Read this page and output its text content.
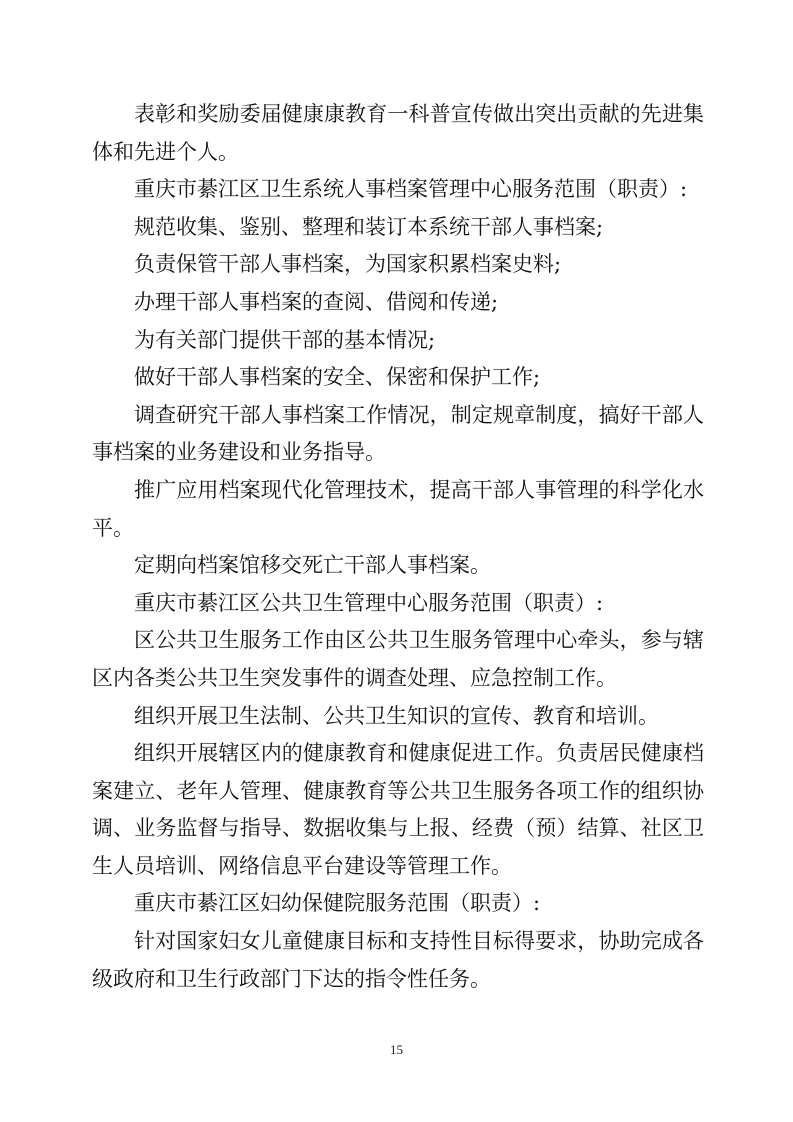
表彰和奖励委届健康康教育一科普宣传做出突出贡献的先进集体和先进个人。

重庆市綦江区卫生系统人事档案管理中心服务范围（职责）:

规范收集、鉴别、整理和装订本系统干部人事档案;

负责保管干部人事档案，为国家积累档案史料;

办理干部人事档案的查阅、借阅和传递;

为有关部门提供干部的基本情况;

做好干部人事档案的安全、保密和保护工作;

调查研究干部人事档案工作情况，制定规章制度，搞好干部人事档案的业务建设和业务指导。

推广应用档案现代化管理技术，提高干部人事管理的科学化水平。

定期向档案馆移交死亡干部人事档案。

重庆市綦江区公共卫生管理中心服务范围（职责）:

区公共卫生服务工作由区公共卫生服务管理中心牵头，参与辖区内各类公共卫生突发事件的调查处理、应急控制工作。

组织开展卫生法制、公共卫生知识的宣传、教育和培训。

组织开展辖区内的健康教育和健康促进工作。负责居民健康档案建立、老年人管理、健康教育等公共卫生服务各项工作的组织协调、业务监督与指导、数据收集与上报、经费（预）结算、社区卫生人员培训、网络信息平台建设等管理工作。

重庆市綦江区妇幼保健院服务范围（职责）:

针对国家妇女儿童健康目标和支持性目标得要求，协助完成各级政府和卫生行政部门下达的指令性任务。

15
